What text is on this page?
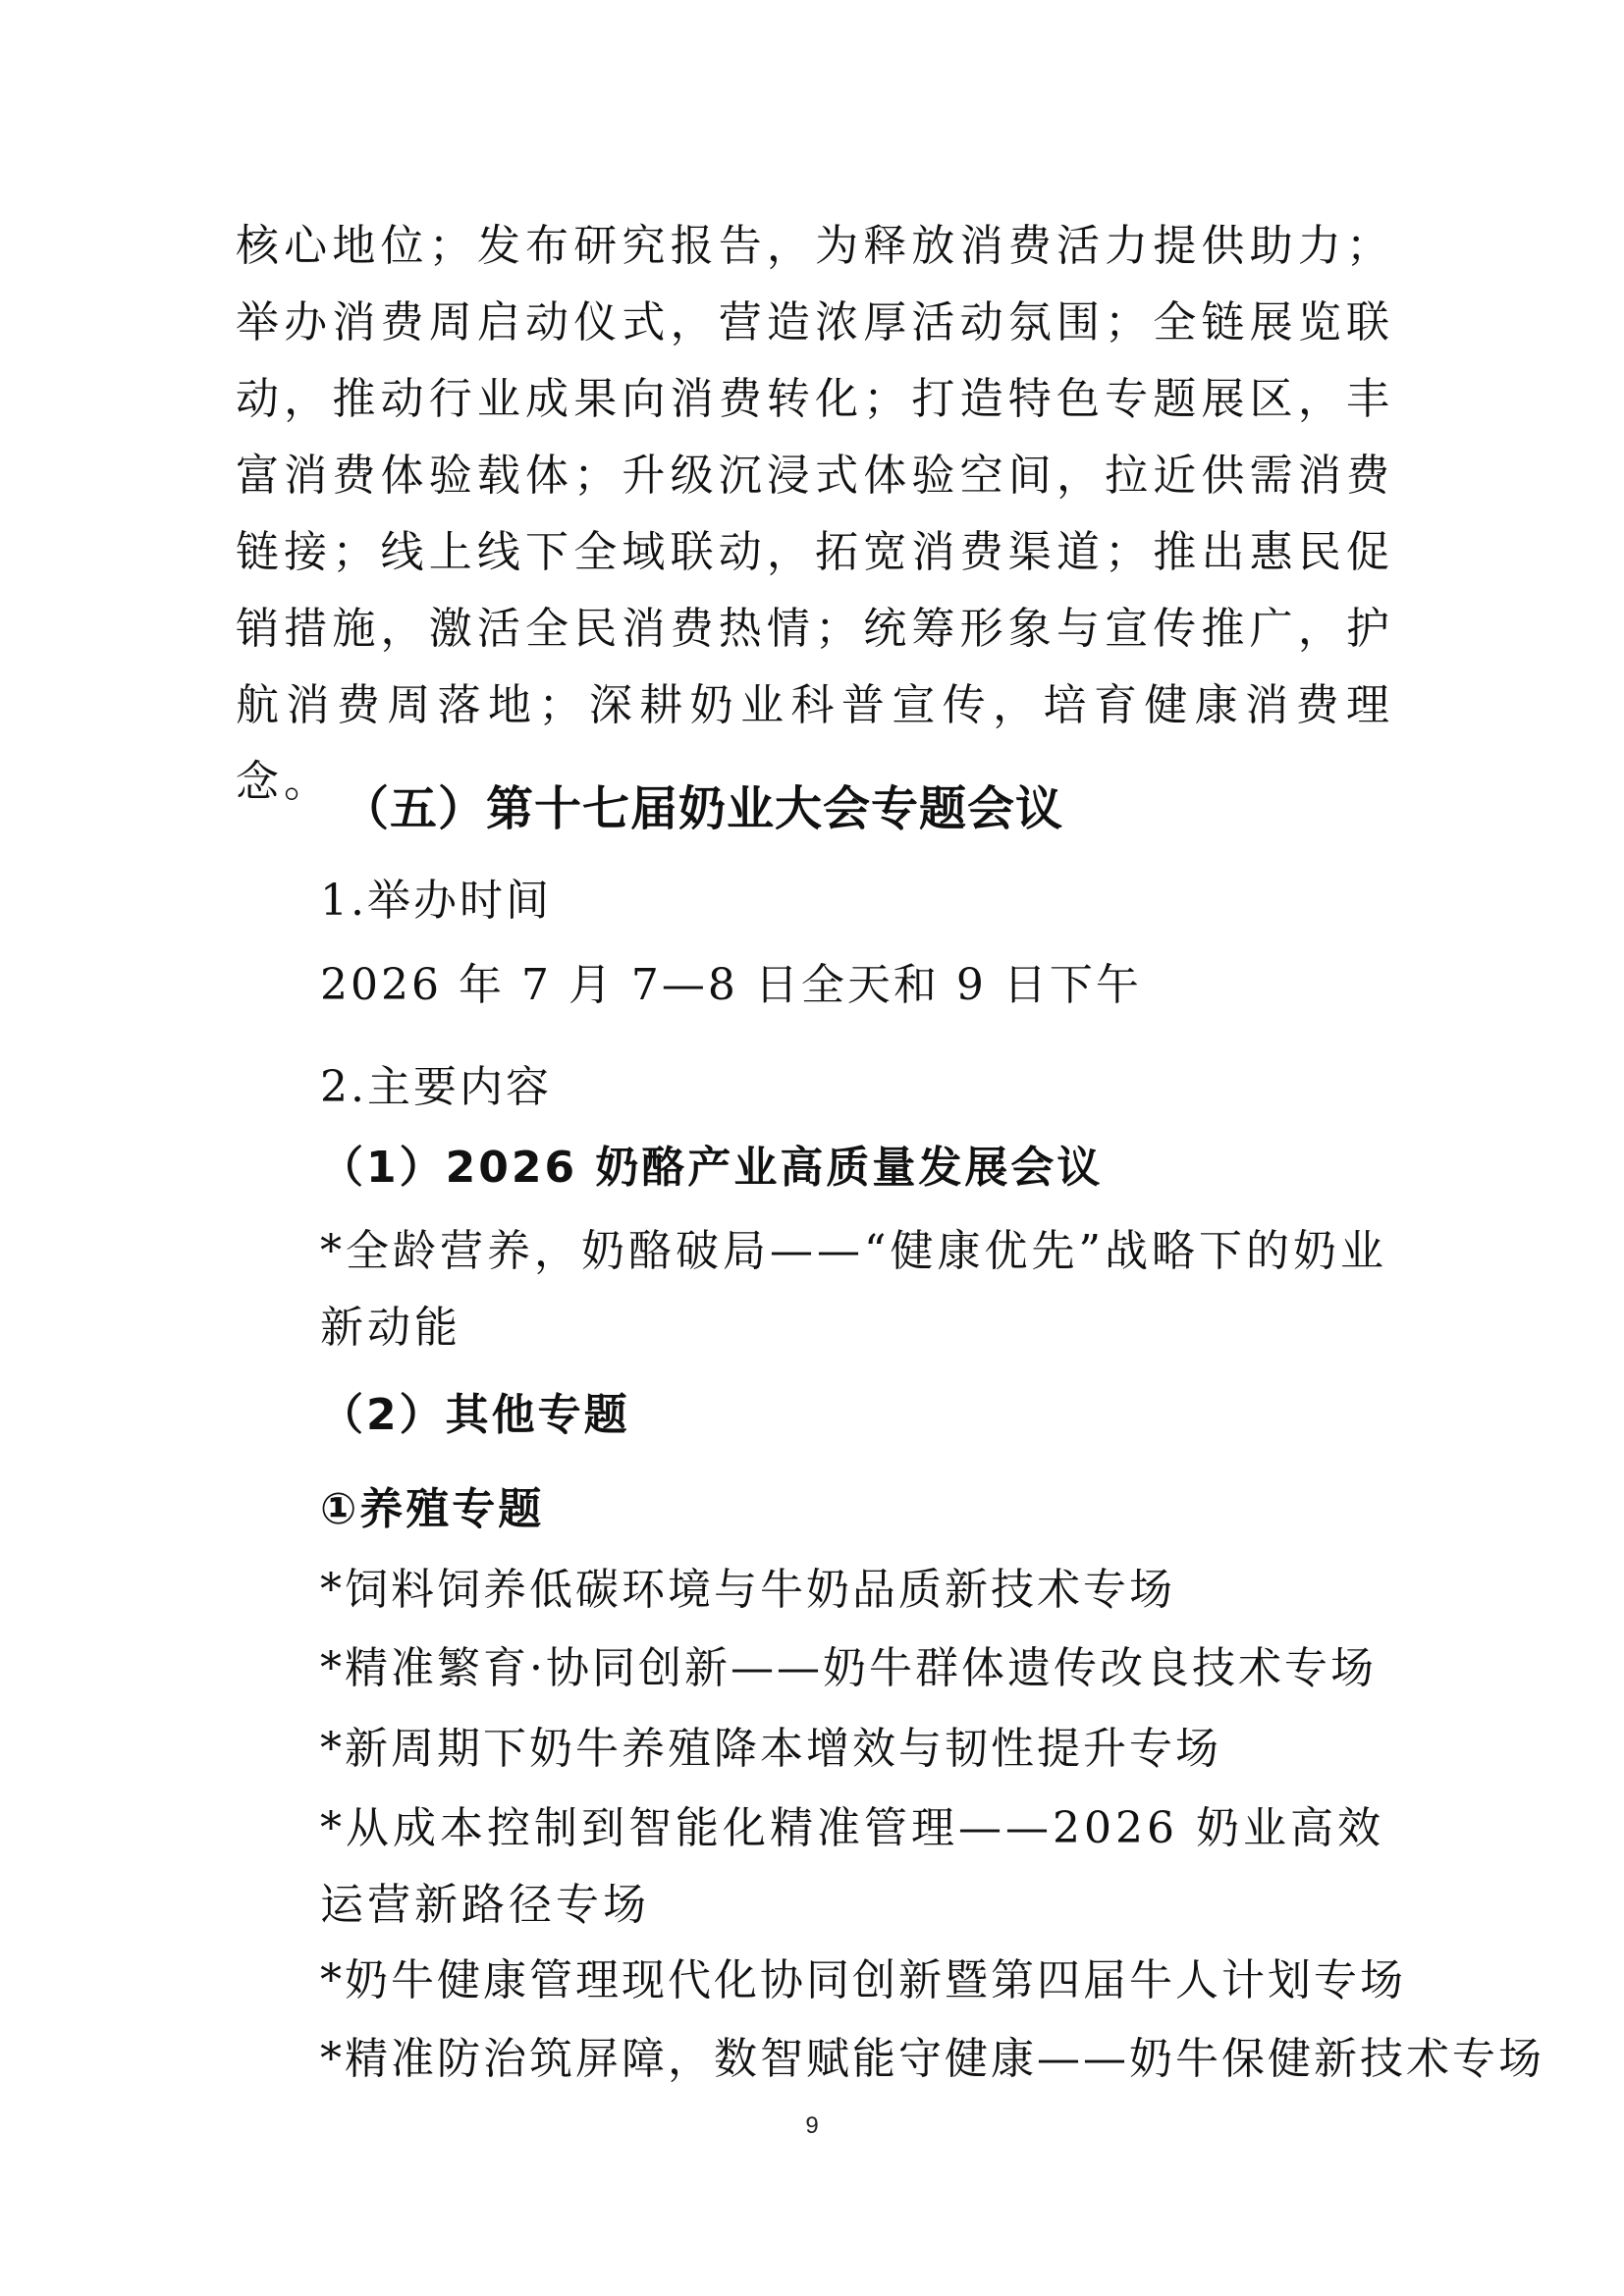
核心地位；发布研究报告，为释放消费活力提供助力；举办消费周启动仪式，营造浓厚活动氛围；全链展览联动，推动行业成果向消费转化；打造特色专题展区，丰富消费体验载体；升级沉浸式体验空间，拉近供需消费链接；线上线下全域联动，拓宽消费渠道；推出惠民促销措施，激活全民消费热情；统筹形象与宣传推广，护航消费周落地；深耕奶业科普宣传，培育健康消费理念。 （五）第十七届奶业大会专题会议

1.举办时间

2026 年 7 月 7—8 日全天和 9 日下午

2.主要内容

（1）2026 奶酪产业高质量发展会议

*全龄营养，奶酪破局——“健康优先”战略下的奶业新动能

（2）其他专题

①养殖专题

*饲料饲养低碳环境与牛奶品质新技术专场

*精准繁育·协同创新——奶牛群体遗传改良技术专场

*新周期下奶牛养殖降本增效与韧性提升专场

*从成本控制到智能化精准管理——2026 奶业高效运营新路径专场

*奶牛健康管理现代化协同创新暨第四届牛人计划专场

*精准防治筑屏障，数智赋能守健康——奶牛保健新技术专场

9
